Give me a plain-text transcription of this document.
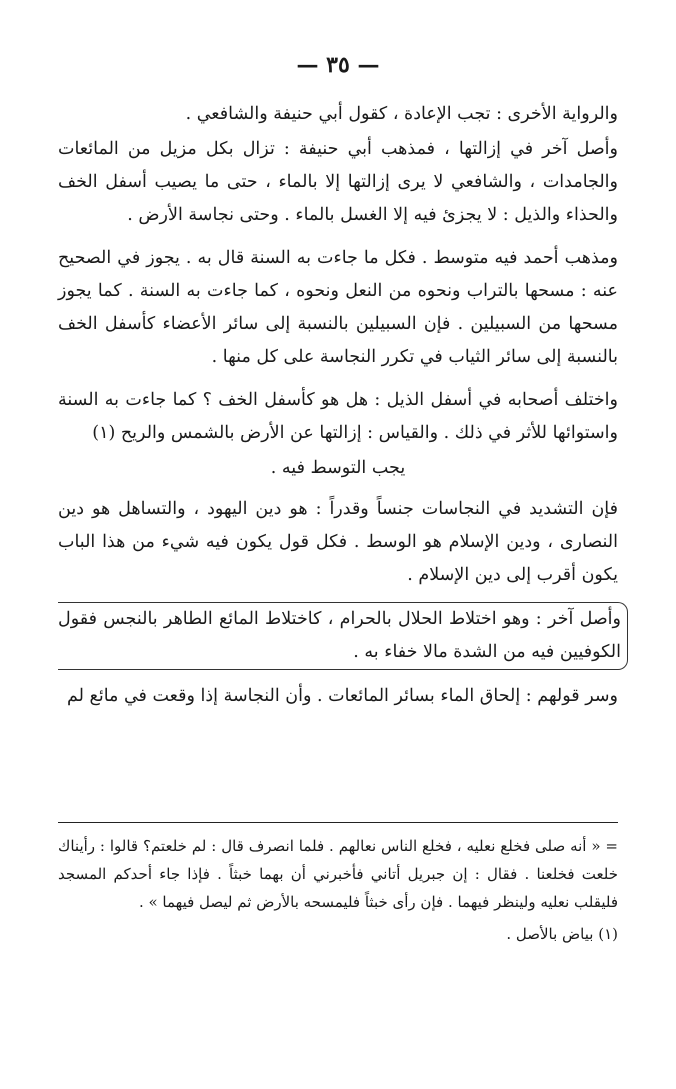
— ٣٥ —

والرواية الأخرى : تجب الإعادة ، كقول أبي حنيفة والشافعي .

وأصل آخر في إزالتها ، فمذهب أبي حنيفة : تزال بكل مزيل من المائعات والجامدات ، والشافعي لا يرى إزالتها إلا بالماء ، حتى ما يصيب أسفل الخف والحذاء والذيل : لا يجزئ فيه إلا الغسل بالماء . وحتى نجاسة الأرض .

ومذهب أحمد فيه متوسط . فكل ما جاءت به السنة قال به . يجوز في الصحيح عنه : مسحها بالتراب ونحوه من النعل ونحوه ، كما جاءت به السنة . كما يجوز مسحها من السبيلين . فإن السبيلين بالنسبة إلى سائر الأعضاء كأسفل الخف بالنسبة إلى سائر الثياب في تكرر النجاسة على كل منها .

واختلف أصحابه في أسفل الذيل : هل هو كأسفل الخف ؟ كما جاءت به السنة واستوائها للأثر في ذلك . والقياس : إزالتها عن الأرض بالشمس والريح (١)

يجب التوسط فيه .

فإن التشديد في النجاسات جنساً وقدراً : هو دين اليهود ، والتساهل هو دين النصارى ، ودين الإسلام هو الوسط . فكل قول يكون فيه شيء من هذا الباب يكون أقرب إلى دين الإسلام .

وأصل آخر : وهو اختلاط الحلال بالحرام ، كاختلاط المائع الطاهر بالنجس فقول الكوفيين فيه من الشدة مالا خفاء به .

وسر قولهم : إلحاق الماء بسائر المائعات . وأن النجاسة إذا وقعت في مائع لم

= « أنه صلى فخلع نعليه ، فخلع الناس نعالهم . فلما انصرف قال : لم خلعتم؟ قالوا : رأيناك خلعت فخلعنا . فقال : إن جبريل أتاني فأخبرني أن بهما خبثاً . فإذا جاء أحدكم المسجد فليقلب نعليه ولينظر فيهما . فإن رأى خبثاً فليمسحه بالأرض ثم ليصل فيهما » .

(١) بياض بالأصل .
